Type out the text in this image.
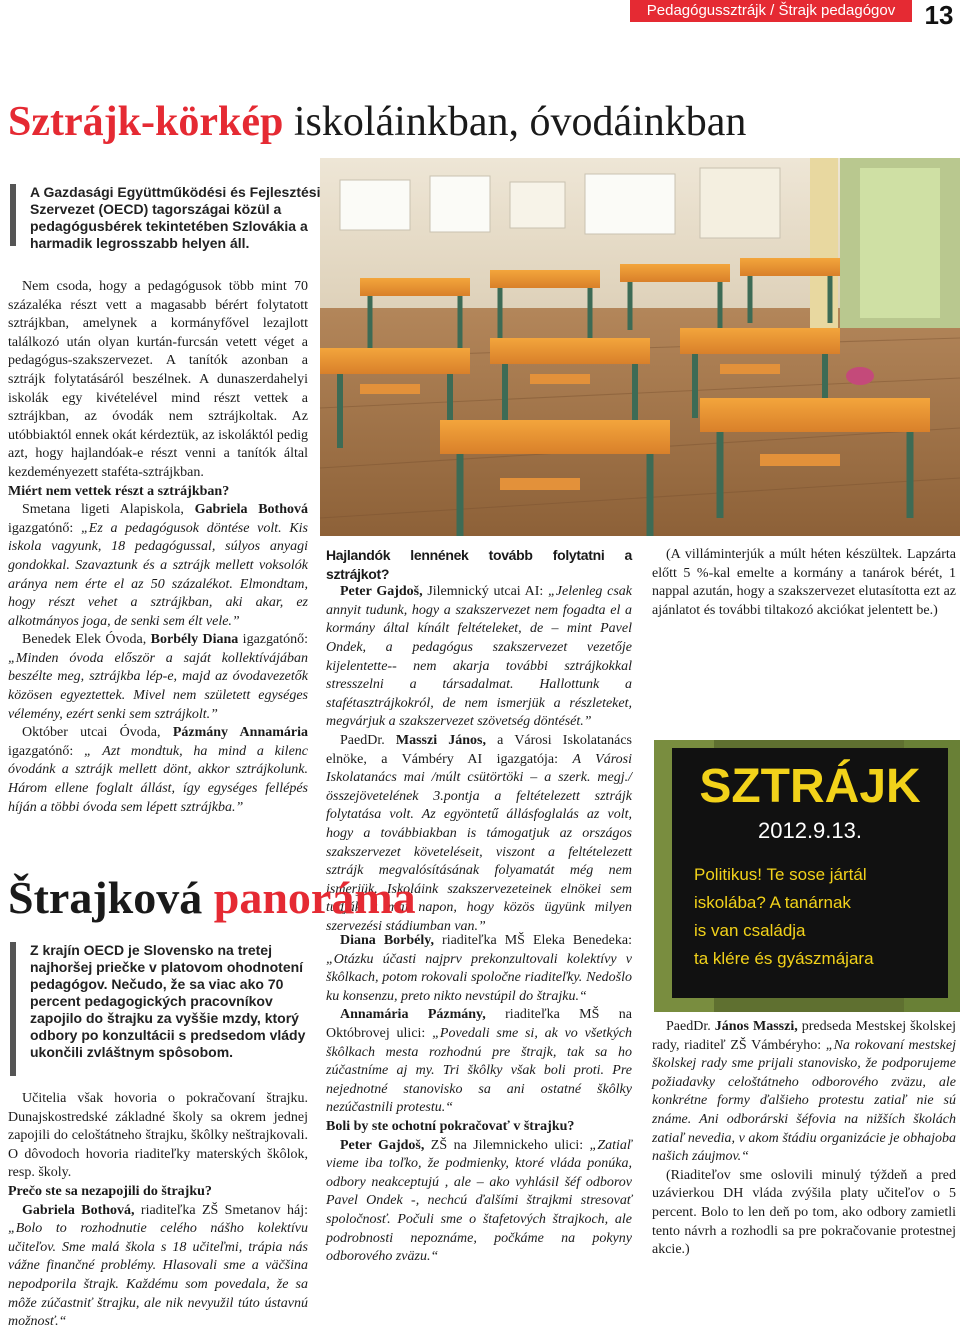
Pedagógussztrájk / Štrajk pedagógov	13
Sztrájk-körkép iskoláinkban, óvodáinkban
A Gazdasági Együttműködési és Fejlesztési Szervezet (OECD) tagországai közül a pedagógusbérek tekintetében Szlovákia a harmadik legrosszabb helyen áll.

Nem csoda, hogy a pedagógusok több mint 70 százaléka részt vett a magasabb bérért folytatott sztrájkban, amelynek a kormányfővel lezajlott találkozó után olyan kurtán-furcsán vetett véget a pedagógus-szakszervezet. A tanítók azonban a sztrájk folytatásáról beszélnek. A dunaszerdahelyi iskolák egy kivételével mind részt vettek a sztrájkban, az óvodák nem sztrájkoltak. Az utóbbiaktól ennek okát kérdeztük, az iskoláktól pedig azt, hogy hajlandóak-e részt venni a tanítók által kezdeményezett staféta-sztrájkban.

Miért nem vettek részt a sztrájkban?

Smetana ligeti Alapiskola, Gabriela Bothová igazgatónő: „Ez a pedagógusok döntése volt. Kis iskola vagyunk, 18 pedagógussal, súlyos anyagi gondokkal. Szavaztunk és a sztrájk mellett voksolók aránya nem érte el az 50 százalékot. Elmondtam, hogy részt vehet a sztrájkban, aki akar, ez alkotmányos joga, de senki sem élt vele.”

Benedek Elek Óvoda, Borbély Diana igazgatónő: „Minden óvoda először a saját kollektívájában beszélte meg, sztrájkba lép-e, majd az óvodavezetők közösen egyeztettek. Mivel nem született egységes vélemény, ezért senki sem sztrájkolt.”

Október utcai Óvoda, Pázmány Annamária igazgatónő: „ Azt mondtuk, ha mind a kilenc óvodánk a sztrájk mellett dönt, akkor sztrájkolunk. Három ellene foglalt állást, így egységes fellépés híján a többi óvoda sem lépett sztrájkba.”

Hajlandók lennének tovább folytatni a sztrájkot?

Peter Gajdoš, Jilemnický utcai AI: „Jelenleg csak annyit tudunk, hogy a szakszervezet nem fogadta el a kormány által kínált feltételeket, de – mint Pavel Ondek, a pedagógus szakszervezet vezetője kijelentette-- nem akarja további sztrájkokkal stresszelni a társadalmat. Hallottunk a stafétasztrájkokról, de nem ismerjük a részleteket, megvárjuk a szakszervezet szövetség döntését.”

PaedDr. Masszi János, a Városi Iskolatanács elnöke, a Vámbéry AI igazgatója: A Városi Iskolatanács mai /múlt csütörtöki – a szerk. megj./ összejövetelének 3.pontja a feltételezett sztrájk folytatása volt. Az egyöntetű állásfoglalás az volt, hogy a továbbiakban is támogatjuk az országos szakszervezet követeléseit, viszont a feltételezett sztrájk megvalósításának folyamatát még nem ismerjük. Iskoláink szakszervezeteinek elnökei sem tudják a mai napon, hogy közös ügyünk milyen szervezési stádiumban van.”

(A villáminterjúk a múlt héten készültek. Lapzárta előtt 5 %-kal emelte a kormány a tanárok bérét, 1 nappal azután, hogy a szakszervezet elutasította ezt az ajánlatot és további tiltakozó akciókat jelentett be.)

SZTRÁJK
2012.9.13.
Politikus! Te sose jártál
iskolába? A tanárnak
is van családja
ta klére és gyászmájara
Štrajková panoráma
Z krajín OECD je Slovensko na tretej najhoršej priečke v platovom ohodnotení pedagógov. Nečudo, že sa viac ako 70 percent pedagogických pracovníkov zapojilo do štrajku za vyššie mzdy, ktorý odbory po konzultácii s predsedom vlády ukončili zvláštnym spôsobom.

Učitelia však hovoria o pokračovaní štrajku. Dunajskostredské základné školy sa okrem jednej zapojili do celoštátneho štrajku, škôlky neštrajkovali. O dôvodoch hovoria riaditeľky materských škôlok, resp. školy.

Prečo ste sa nezapojili do štrajku?

Gabriela Bothová, riaditeľka ZŠ Smetanov háj: „Bolo to rozhodnutie celého nášho kolektívu učiteľov. Sme malá škola s 18 učiteľmi, trápia nás vážne finančné problémy. Hlasovali sme a väčšina nepodporila štrajk. Každému som povedala, že sa môže zúčastniť štrajku, ale nik nevyužil túto ústavnú možnosť.“

Diana Borbély, riaditeľka MŠ Eleka Benedeka: „Otázku účasti najprv prekonzultovali kolektívy v škôlkach, potom rokovali spoločne riaditeľky. Nedošlo ku konsenzu, preto nikto nevstúpil do štrajku.“

Annamária Pázmány, riaditeľka MŠ na Októbrovej ulici: „Povedali sme si, ak vo všetkých škôlkach mesta rozhodnú pre štrajk, tak sa ho zúčastníme aj my. Tri škôlky však boli proti. Pre nejednotné stanovisko sa ani ostatné škôlky nezúčastnili protestu.“

Boli by ste ochotní pokračovať v štrajku?

Peter Gajdoš, ZŠ na Jilemnickeho ulici: „Zatiaľ vieme iba toľko, že podmienky, ktoré vláda ponúka, odbory neakceptujú , ale – ako vyhlásil šéf odborov Pavel Ondek -, nechcú ďalšími štrajkmi stresovať spoločnosť. Počuli sme o štafetových štrajkoch, ale podrobnosti nepoznáme, počkáme na pokyny odborového zväzu.“

PaedDr. János Masszi, predseda Mestskej školskej rady, riaditeľ ZŠ Vámbéryho: „Na rokovaní mestskej školskej rady sme prijali stanovisko, že podporujeme požiadavky celoštátneho odborového zväzu, ale konkrétne formy ďalšieho protestu zatiaľ nie sú známe. Ani odborárski šéfovia na nižších školách zatiaľ nevedia, v akom štádiu organizácie je obhajoba našich záujmov.“

(Riaditeľov sme oslovili minulý týždeň a pred uzávierkou DH vláda zvýšila platy učiteľov o 5 percent. Bolo to len deň po tom, ako odbory zamietli tento návrh a rozhodli sa pre pokračovanie protestnej akcie.)
